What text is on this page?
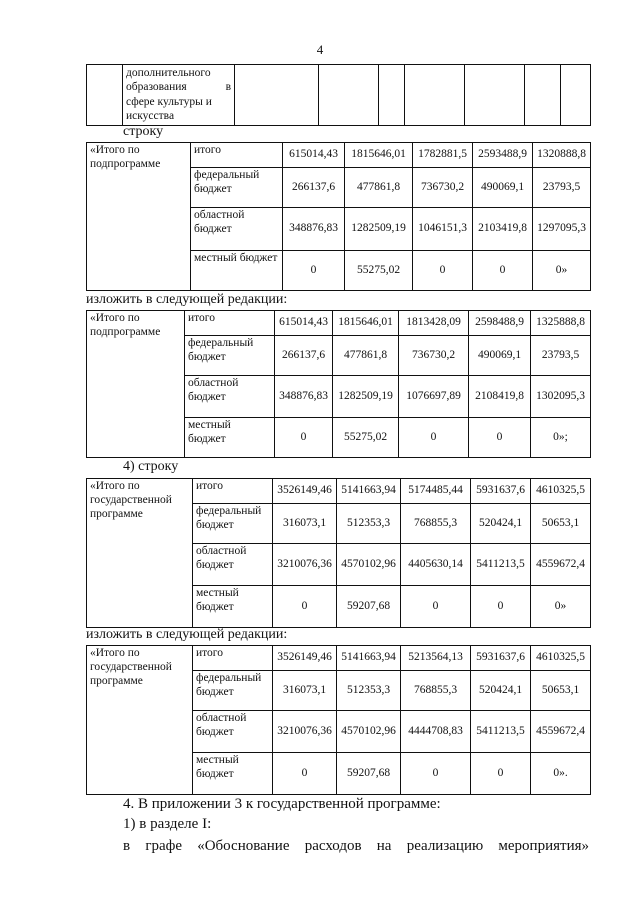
4

дополнительного
образования	в
сфере культуры и
искусства

строку
«Итого по подпрограмме	итого	615014,43	1815646,01	1782881,5	2593488,9	1320888,8
	федеральный бюджет	266137,6	477861,8	736730,2	490069,1	23793,5
	областной бюджет	348876,83	1282509,19	1046151,3	2103419,8	1297095,3
	местный бюджет	0	55275,02	0	0	0»
изложить в следующей редакции:
«Итого по подпрограмме	итого	615014,43	1815646,01	1813428,09	2598488,9	1325888,8
	федеральный бюджет	266137,6	477861,8	736730,2	490069,1	23793,5
	областной бюджет	348876,83	1282509,19	1076697,89	2108419,8	1302095,3
	местный бюджет	0	55275,02	0	0	0»;
4) строку
«Итого по государственной программе	итого	3526149,46	5141663,94	5174485,44	5931637,6	4610325,5
	федеральный бюджет	316073,1	512353,3	768855,3	520424,1	50653,1
	областной бюджет	3210076,36	4570102,96	4405630,14	5411213,5	4559672,4
	местный бюджет	0	59207,68	0	0	0»
изложить в следующей редакции:
«Итого по государственной программе	итого	3526149,46	5141663,94	5213564,13	5931637,6	4610325,5
	федеральный бюджет	316073,1	512353,3	768855,3	520424,1	50653,1
	областной бюджет	3210076,36	4570102,96	4444708,83	5411213,5	4559672,4
	местный бюджет	0	59207,68	0	0	0».
4. В приложении 3 к государственной программе:
1) в разделе I:
в графе «Обоснование расходов на реализацию мероприятия»
